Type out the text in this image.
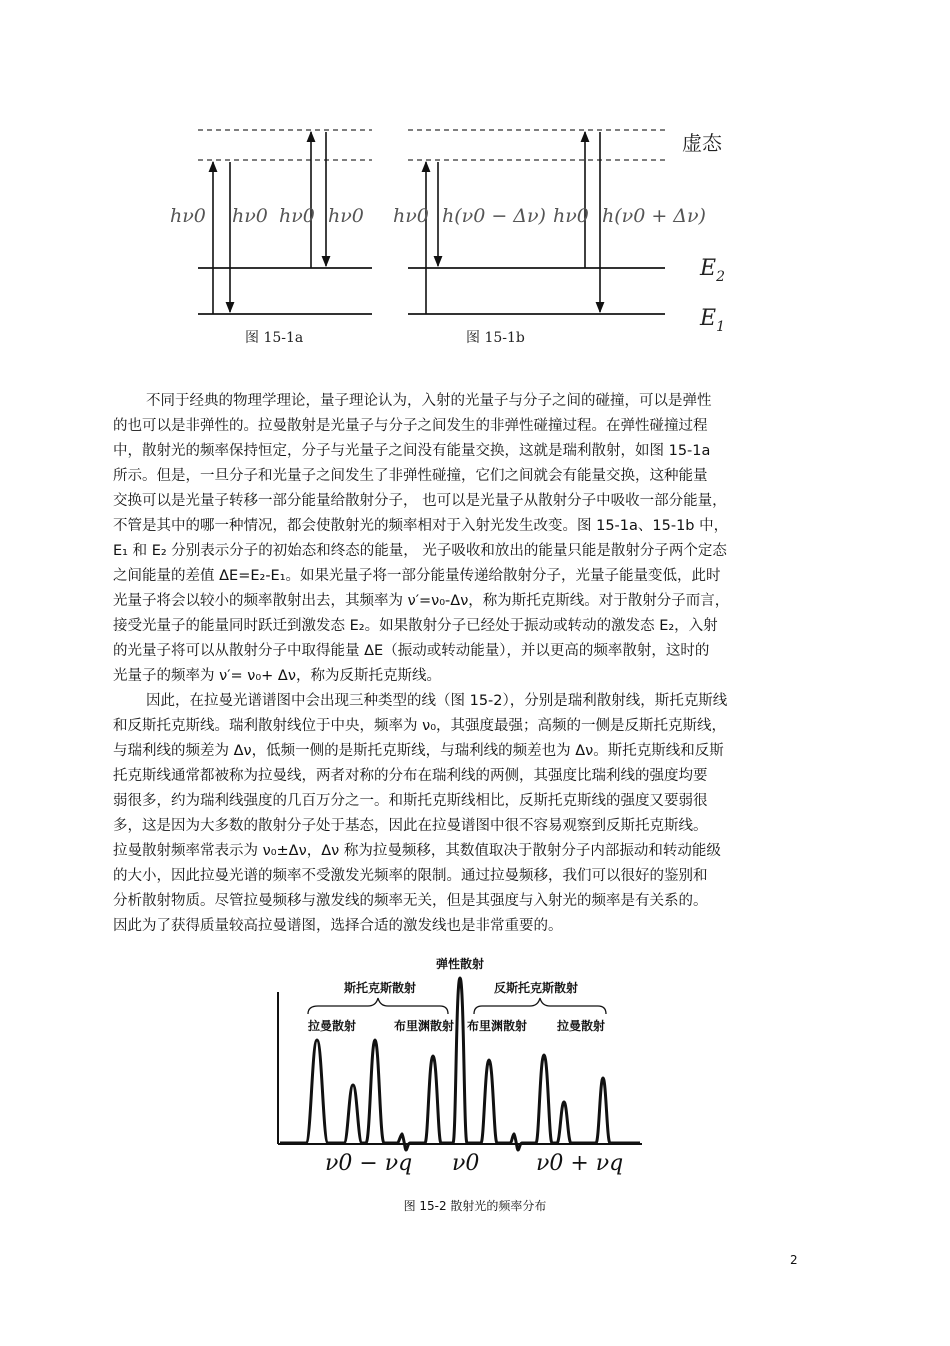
hν0 hν0 hν0 hν0 hν0 h(ν0 − Δν) hν0 h(ν0 + Δν)
虚态
$E_2$
$E_1$
图 15-1a	图 15-1b
不同于经典的物理学理论，量子理论认为，入射的光量子与分子之间的碰撞，可以是弹性
的也可以是非弹性的。拉曼散射是光量子与分子之间发生的非弹性碰撞过程。在弹性碰撞过程
中，散射光的频率保持恒定，分子与光量子之间没有能量交换，这就是瑞利散射，如图 15-1a
所示。但是，一旦分子和光量子之间发生了非弹性碰撞，它们之间就会有能量交换，这种能量
交换可以是光量子转移一部分能量给散射分子， 也可以是光量子从散射分子中吸收一部分能量，
不管是其中的哪一种情况，都会使散射光的频率相对于入射光发生改变。图 15-1a、15-1b 中，
E₁ 和 E₂ 分别表示分子的初始态和终态的能量， 光子吸收和放出的能量只能是散射分子两个定态
之间能量的差值 ΔE=E₂-E₁。如果光量子将一部分能量传递给散射分子，光量子能量变低，此时
光量子将会以较小的频率散射出去，其频率为 ν′=ν₀-Δν，称为斯托克斯线。对于散射分子而言，
接受光量子的能量同时跃迁到激发态 E₂。如果散射分子已经处于振动或转动的激发态 E₂，入射
的光量子将可以从散射分子中取得能量 ΔE（振动或转动能量），并以更高的频率散射，这时的
光量子的频率为 ν′= ν₀+ Δν，称为反斯托克斯线。
因此，在拉曼光谱谱图中会出现三种类型的线（图 15-2），分别是瑞利散射线，斯托克斯线
和反斯托克斯线。瑞利散射线位于中央，频率为 ν₀，其强度最强；高频的一侧是反斯托克斯线，
与瑞利线的频差为 Δν，低频一侧的是斯托克斯线，与瑞利线的频差也为 Δν。斯托克斯线和反斯
托克斯线通常都被称为拉曼线，两者对称的分布在瑞利线的两侧，其强度比瑞利线的强度均要
弱很多，约为瑞利线强度的几百万分之一。和斯托克斯线相比，反斯托克斯线的强度又要弱很
多，这是因为大多数的散射分子处于基态，因此在拉曼谱图中很不容易观察到反斯托克斯线。
拉曼散射频率常表示为 ν₀±Δν，Δν 称为拉曼频移，其数值取决于散射分子内部振动和转动能级
的大小，因此拉曼光谱的频率不受激发光频率的限制。通过拉曼频移，我们可以很好的鉴别和
分析散射物质。尽管拉曼频移与激发线的频率无关，但是其强度与入射光的频率是有关系的。
因此为了获得质量较高拉曼谱图，选择合适的激发线也是非常重要的。
弹性散射
斯托克斯散射	反斯托克斯散射
拉曼散射	布里渊散射 布里渊散射 拉曼散射
ν0 − νq ν0	ν0 + νq
图 15-2 散射光的频率分布
2
